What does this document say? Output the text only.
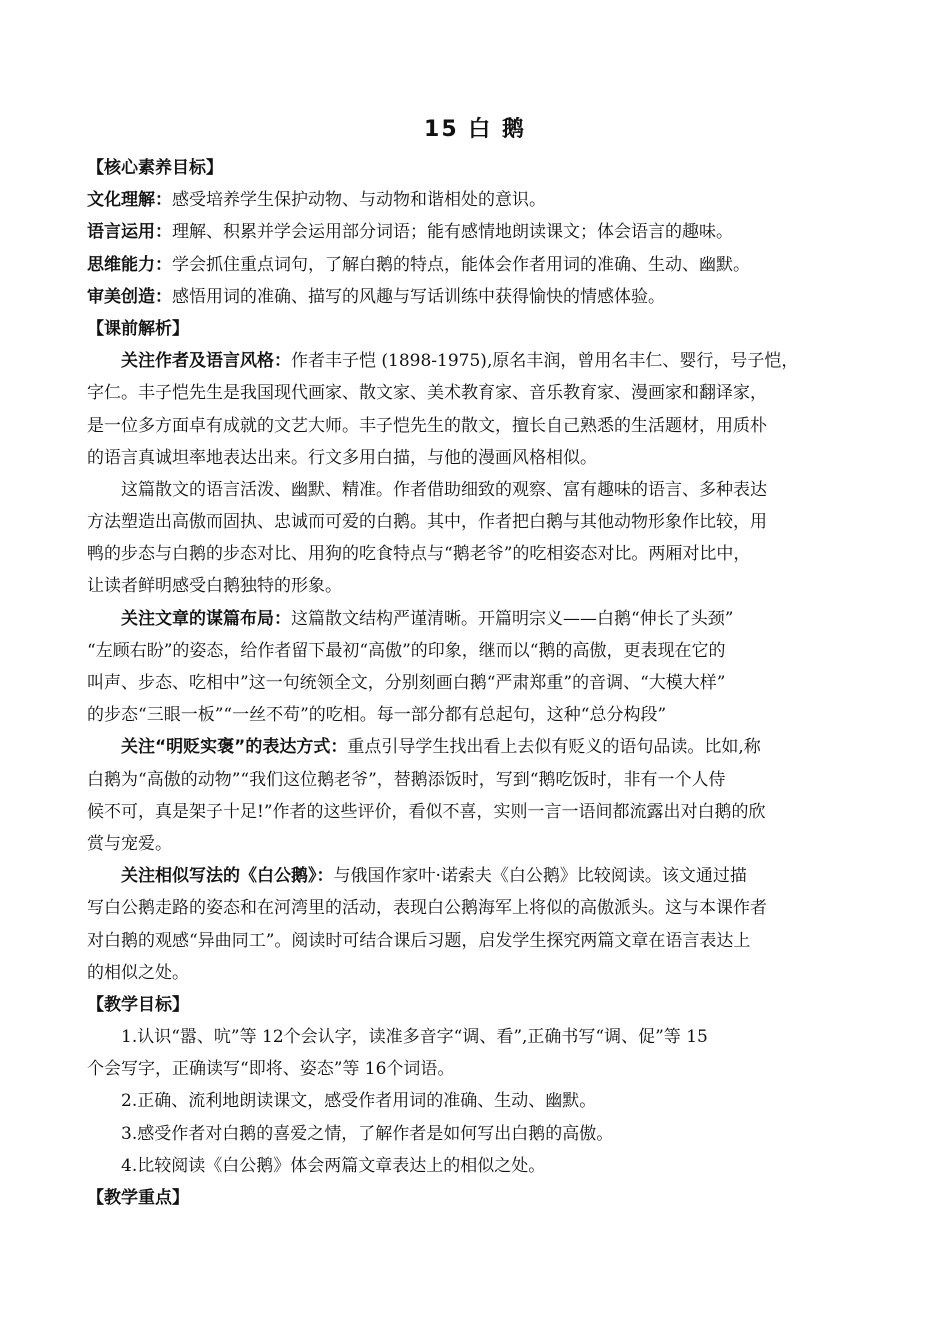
15 白 鹅
【核心素养目标】
文化理解：感受培养学生保护动物、与动物和谐相处的意识。
语言运用：理解、积累并学会运用部分词语；能有感情地朗读课文；体会语言的趣味。
思维能力：学会抓住重点词句，了解白鹅的特点，能体会作者用词的准确、生动、幽默。
审美创造：感悟用词的准确、描写的风趣与写话训练中获得愉快的情感体验。
【课前解析】
关注作者及语言风格：作者丰子恺 (1898-1975),原名丰润，曾用名丰仁、婴行，号子恺，
字仁。丰子恺先生是我国现代画家、散文家、美术教育家、音乐教育家、漫画家和翻译家，
是一位多方面卓有成就的文艺大师。丰子恺先生的散文，擅长自己熟悉的生活题材，用质朴
的语言真诚坦率地表达出来。行文多用白描，与他的漫画风格相似。
这篇散文的语言活泼、幽默、精准。作者借助细致的观察、富有趣味的语言、多种表达
方法塑造出高傲而固执、忠诚而可爱的白鹅。其中，作者把白鹅与其他动物形象作比较，用
鸭的步态与白鹅的步态对比、用狗的吃食特点与“鹅老爷”的吃相姿态对比。两厢对比中，
让读者鲜明感受白鹅独特的形象。
关注文章的谋篇布局：这篇散文结构严谨清晰。开篇明宗义——白鹅“伸长了头颈”
“左顾右盼”的姿态，给作者留下最初“高傲”的印象，继而以“鹅的高傲，更表现在它的
叫声、步态、吃相中”这一句统领全文，分别刻画白鹅“严肃郑重”的音调、“大模大样”
的步态“三眼一板”“一丝不苟”的吃相。每一部分都有总起句，这种“总分构段”
关注“明贬实褒”的表达方式：重点引导学生找出看上去似有贬义的语句品读。比如,称
白鹅为“高傲的动物”“我们这位鹅老爷”，替鹅添饭时，写到“鹅吃饭时，非有一个人侍
候不可，真是架子十足!”作者的这些评价，看似不喜，实则一言一语间都流露出对白鹅的欣
赏与宠爱。
关注相似写法的《白公鹅》：与俄国作家叶·诺索夫《白公鹅》比较阅读。该文通过描
写白公鹅走路的姿态和在河湾里的活动，表现白公鹅海军上将似的高傲派头。这与本课作者
对白鹅的观感“异曲同工”。阅读时可结合课后习题，启发学生探究两篇文章在语言表达上
的相似之处。
【教学目标】
1.认识“嚣、吭”等 12个会认字，读准多音字“调、看”,正确书写“调、促”等 15
个会写字，正确读写“即将、姿态”等 16个词语。
2.正确、流利地朗读课文，感受作者用词的准确、生动、幽默。
3.感受作者对白鹅的喜爱之情，了解作者是如何写出白鹅的高傲。
4.比较阅读《白公鹅》体会两篇文章表达上的相似之处。
【教学重点】
